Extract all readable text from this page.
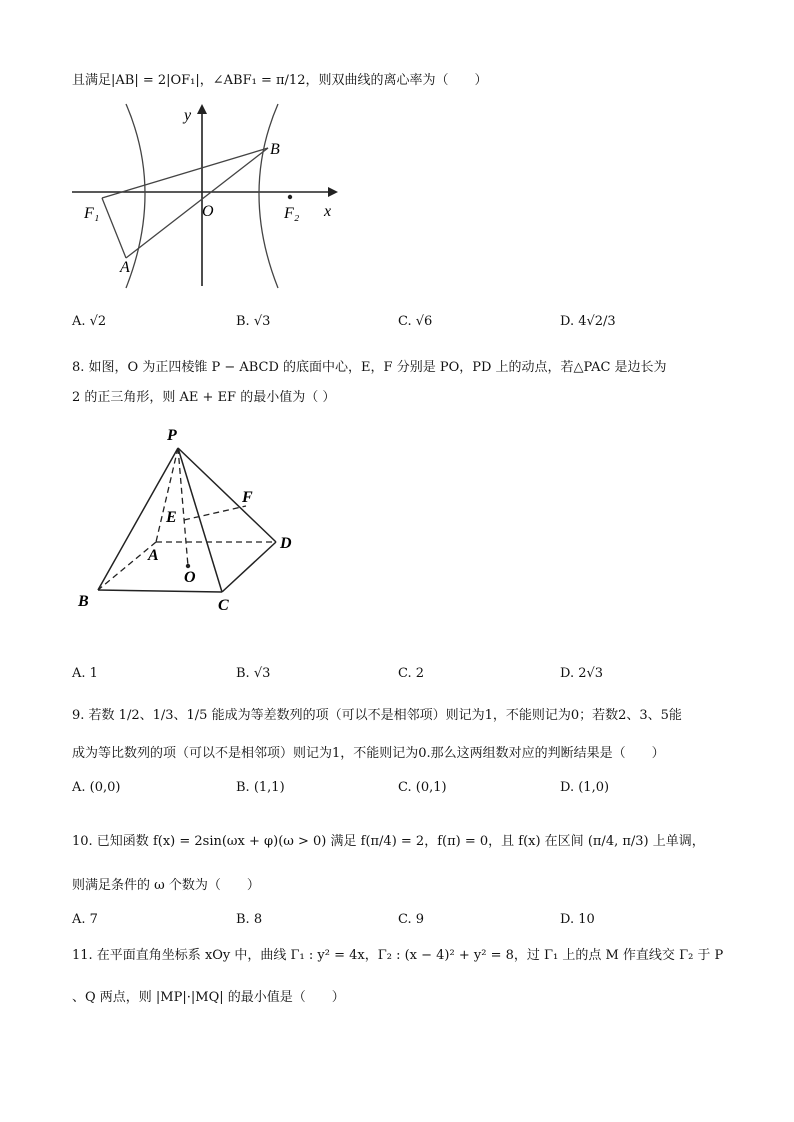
且满足|AB| = 2|OF₁|，∠ABF₁ = π/12，则双曲线的离心率为（　　）
y
x
O
B
F₁	F₂
A
A. √2	B. √3	C. √6	D. 4√2/3
8. 如图，O 为正四棱锥 P − ABCD 的底面中心，E，F 分别是 PO，PD 上的动点，若△PAC 是边长为
2 的正三角形，则 AE + EF 的最小值为（ ）
P
F
E
D
A
O
B	C
A. 1	B. √3	C. 2	D. 2√3
9. 若数 1/2、1/3、1/5 能成为等差数列的项（可以不是相邻项）则记为1，不能则记为0；若数2、3、5能
成为等比数列的项（可以不是相邻项）则记为1，不能则记为0.那么这两组数对应的判断结果是（　　）
A. (0,0)	B. (1,1)	C. (0,1)	D. (1,0)
10. 已知函数 f(x) = 2sin(ωx + φ)(ω > 0) 满足 f(π/4) = 2，f(π) = 0，且 f(x) 在区间 (π/4, π/3) 上单调，
则满足条件的 ω 个数为（　　）
A. 7	B. 8	C. 9	D. 10
11. 在平面直角坐标系 xOy 中，曲线 Γ₁ : y² = 4x，Γ₂ : (x − 4)² + y² = 8，过 Γ₁ 上的点 M 作直线交 Γ₂ 于 P
、Q 两点，则 |MP|·|MQ| 的最小值是（　　）
